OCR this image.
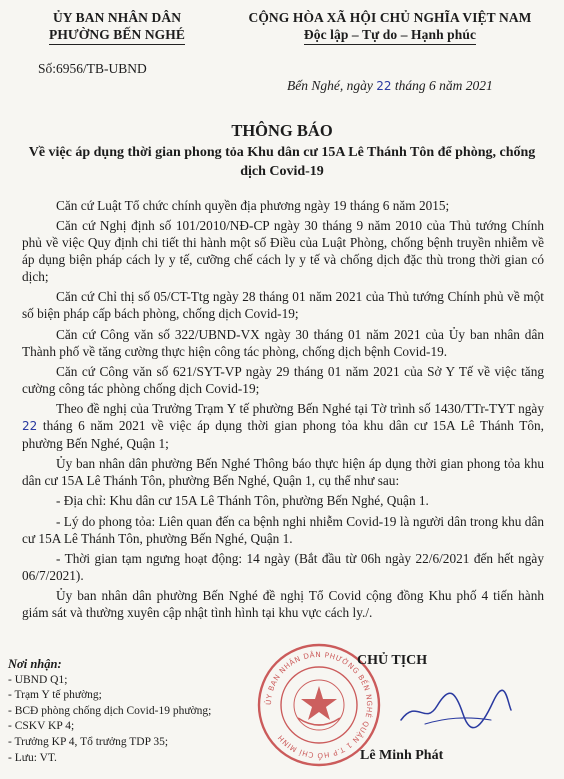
ỦY BAN NHÂN DÂN
PHƯỜNG BẾN NGHÉ
CỘNG HÒA XÃ HỘI CHỦ NGHĨA VIỆT NAM
Độc lập – Tự do – Hạnh phúc
Số:6956/TB-UBND
Bến Nghé, ngày 22 tháng 6 năm 2021
THÔNG BÁO
Về việc áp dụng thời gian phong tỏa Khu dân cư 15A Lê Thánh Tôn để phòng, chống dịch Covid-19

Căn cứ Luật Tổ chức chính quyền địa phương ngày 19 tháng 6 năm 2015;

Căn cứ Nghị định số 101/2010/NĐ-CP ngày 30 tháng 9 năm 2010 của Thủ tướng Chính phủ về việc Quy định chi tiết thi hành một số Điều của Luật Phòng, chống bệnh truyền nhiễm về áp dụng biện pháp cách ly y tế, cưỡng chế cách ly y tế và chống dịch đặc thù trong thời gian có dịch;

Căn cứ Chỉ thị số 05/CT-Ttg ngày 28 tháng 01 năm 2021 của Thủ tướng Chính phủ về một số biện pháp cấp bách phòng, chống dịch Covid-19;

Căn cứ Công văn số 322/UBND-VX ngày 30 tháng 01 năm 2021 của Ủy ban nhân dân Thành phố về tăng cường thực hiện công tác phòng, chống dịch bệnh Covid-19.

Căn cứ Công văn số 621/SYT-VP ngày 29 tháng 01 năm 2021 của Sở Y Tế về việc tăng cường công tác phòng chống dịch Covid-19;

Theo đề nghị của Trưởng Trạm Y tế phường Bến Nghé tại Tờ trình số 1430/TTr-TYT ngày 22 tháng 6 năm 2021 về việc áp dụng thời gian phong tỏa khu dân cư 15A Lê Thánh Tôn, phường Bến Nghé, Quận 1;

Ủy ban nhân dân phường Bến Nghé Thông báo thực hiện áp dụng thời gian phong tỏa khu dân cư 15A Lê Thánh Tôn, phường Bến Nghé, Quận 1, cụ thể như sau:

- Địa chỉ: Khu dân cư 15A Lê Thánh Tôn, phường Bến Nghé, Quận 1.

- Lý do phong tỏa: Liên quan đến ca bệnh nghi nhiễm Covid-19 là người dân trong khu dân cư 15A Lê Thánh Tôn, phường Bến Nghé, Quận 1.

- Thời gian tạm ngưng hoạt động: 14 ngày (Bắt đầu từ 06h ngày 22/6/2021 đến hết ngày 06/7/2021).

Ủy ban nhân dân phường Bến Nghé đề nghị Tổ Covid cộng đồng Khu phố 4 tiến hành giám sát và thường xuyên cập nhật tình hình tại khu vực cách ly./.

Nơi nhận:
- UBND Q1;
- Trạm Y tế phường;
- BCĐ phòng chống dịch Covid-19 phường;
- CSKV KP 4;
- Trưởng KP 4, Tổ trưởng TDP 35;
- Lưu: VT.
ỦY BAN NHÂN DÂN PHƯỜNG BẾN NGHÉ QUẬN 1 T.P HỒ CHÍ MINH
CHỦ TỊCH
Lê Minh Phát
